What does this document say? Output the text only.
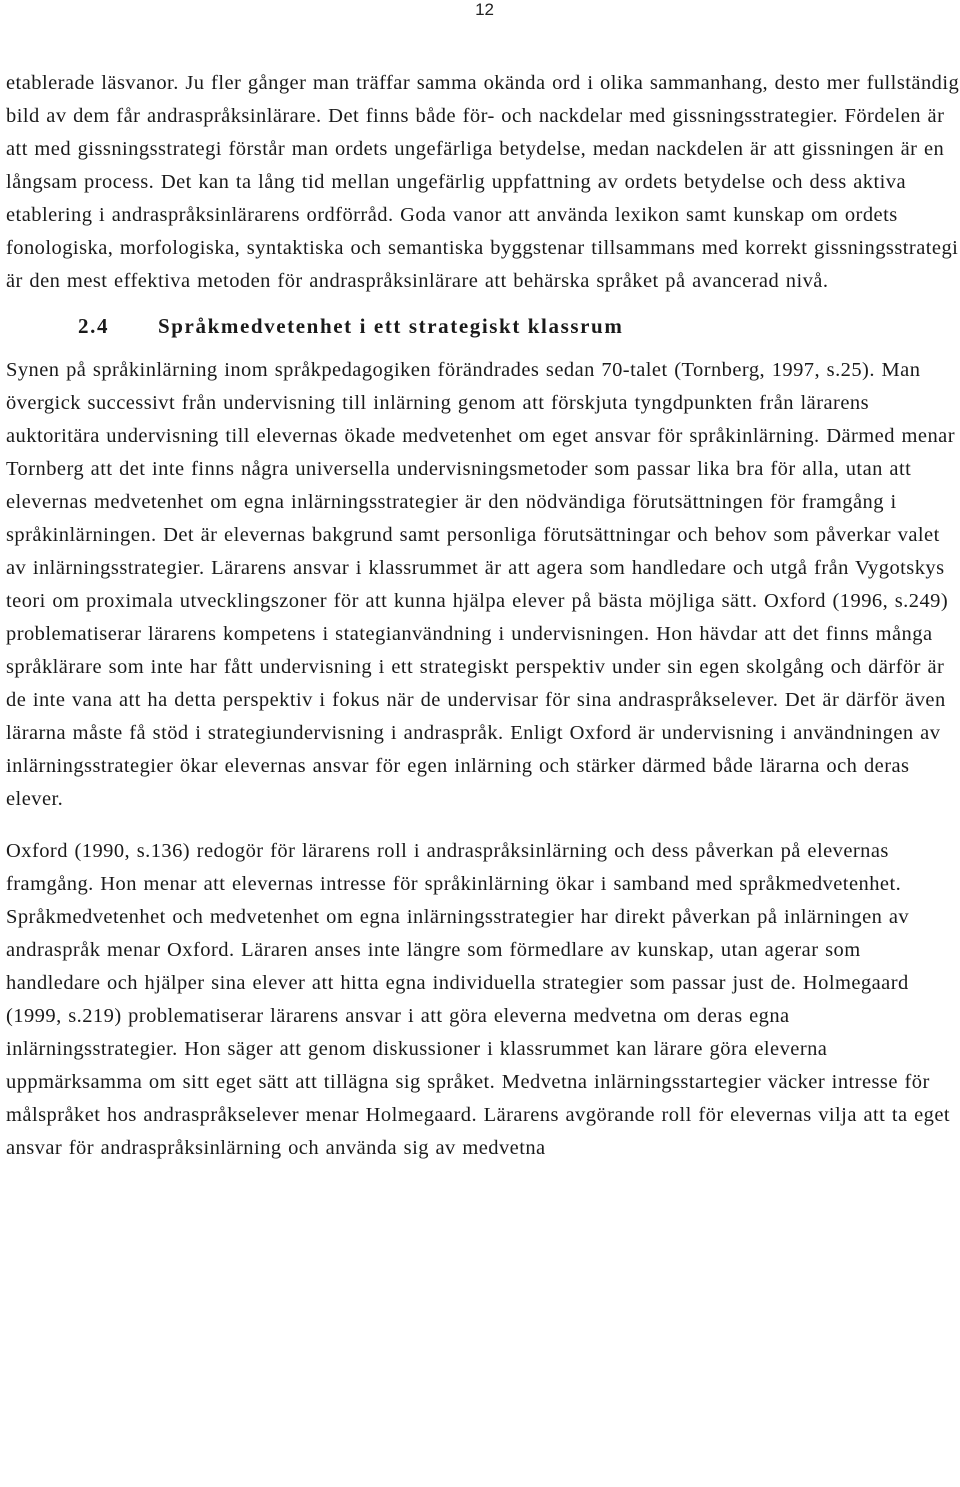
12

etablerade läsvanor. Ju fler gånger man träffar samma okända ord i olika sammanhang, desto mer fullständig bild av dem får andraspråksinlärare. Det finns både för- och nackdelar med gissningsstrategier. Fördelen är att med gissningsstrategi förstår man ordets ungefärliga betydelse, medan nackdelen är att gissningen är en långsam process. Det kan ta lång tid mellan ungefärlig uppfattning av ordets betydelse och dess aktiva etablering i andraspråksinlärarens ordförråd. Goda vanor att använda lexikon samt kunskap om ordets fonologiska, morfologiska, syntaktiska och semantiska byggstenar tillsammans med korrekt gissningsstrategi är den mest effektiva metoden för andraspråksinlärare att behärska språket på avancerad nivå.

2.4	Språkmedvetenhet i ett strategiskt klassrum

Synen på språkinlärning inom språkpedagogiken förändrades sedan 70-talet (Tornberg, 1997, s.25). Man övergick successivt från undervisning till inlärning genom att förskjuta tyngdpunkten från lärarens auktoritära undervisning till elevernas ökade medvetenhet om eget ansvar för språkinlärning. Därmed menar Tornberg att det inte finns några universella undervisningsmetoder som passar lika bra för alla, utan att elevernas medvetenhet om egna inlärningsstrategier är den nödvändiga förutsättningen för framgång i språkinlärningen. Det är elevernas bakgrund samt personliga förutsättningar och behov som påverkar valet av inlärningsstrategier. Lärarens ansvar i klassrummet är att agera som handledare och utgå från Vygotskys teori om proximala utvecklingszoner för att kunna hjälpa elever på bästa möjliga sätt. Oxford (1996, s.249) problematiserar lärarens kompetens i stategianvändning i undervisningen. Hon hävdar att det finns många språklärare som inte har fått undervisning i ett strategiskt perspektiv under sin egen skolgång och därför är de inte vana att ha detta perspektiv i fokus när de undervisar för sina andraspråkselever. Det är därför även lärarna måste få stöd i strategiundervisning i andraspråk. Enligt Oxford är undervisning i användningen av inlärningsstrategier ökar elevernas ansvar för egen inlärning och stärker därmed både lärarna och deras elever.

Oxford (1990, s.136) redogör för lärarens roll i andraspråksinlärning och dess påverkan på elevernas framgång. Hon menar att elevernas intresse för språkinlärning ökar i samband med språkmedvetenhet. Språkmedvetenhet och medvetenhet om egna inlärningsstrategier har direkt påverkan på inlärningen av andraspråk menar Oxford. Läraren anses inte längre som förmedlare av kunskap, utan agerar som handledare och hjälper sina elever att hitta egna individuella strategier som passar just de. Holmegaard (1999, s.219) problematiserar lärarens ansvar i att göra eleverna medvetna om deras egna inlärningsstrategier. Hon säger att genom diskussioner i klassrummet kan lärare göra eleverna uppmärksamma om sitt eget sätt att tillägna sig språket. Medvetna inlärningsstartegier väcker intresse för målspråket hos andraspråkselever menar Holmegaard. Lärarens avgörande roll för elevernas vilja att ta eget ansvar för andraspråksinlärning och använda sig av medvetna
